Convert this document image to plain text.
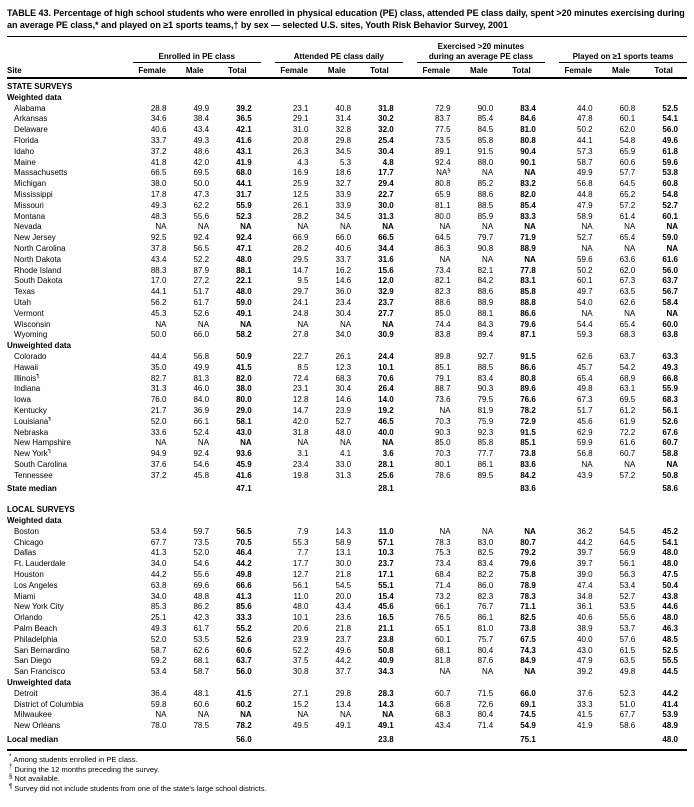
TABLE 43. Percentage of high school students who were enrolled in physical education (PE) class, attended PE class daily, spent >20 minutes exercising during an average PE class,* and played on ≥1 sports teams,† by sex — selected U.S. sites, Youth Risk Behavior Survey, 2001

	Enrolled in PE class				Attended PE class daily				Exercised >20 minutes
during an average PE class				Played on ≥1 sports teams		

Site	Female	Male	Total		Female	Male	Total		Female	Male	Total		Female	Male	Total
STATE SURVEYS															
Weighted data															
Alabama	28.8	49.9	39.2		23.1	40.8	31.8		72.9	90.0	83.4		44.0	60.8	52.5
Arkansas	34.6	38.4	36.5		29.1	31.4	30.2		83.7	85.4	84.6		47.8	60.1	54.1
Delaware	40.6	43.4	42.1		31.0	32.8	32.0		77.5	84.5	81.0		50.2	62.0	56.0
Florida	33.7	49.3	41.6		20.8	29.8	25.4		73.5	85.8	80.8		44.1	54.8	49.6
Idaho	37.2	48.6	43.1		26.3	34.5	30.4		89.1	91.5	90.4		57.3	65.9	61.8
Maine	41.8	42.0	41.9		4.3	5.3	4.8		92.4	88.0	90.1		58.7	60.6	59.6
Massachusetts	66.5	69.5	68.0		16.9	18.6	17.7		NA§	NA	NA		49.9	57.7	53.8
Michigan	38.0	50.0	44.1		25.9	32.7	29.4		80.8	85.2	83.2		56.8	64.5	60.8
Mississippi	17.8	47.3	31.7		12.5	33.9	22.7		65.9	88.6	82.0		44.8	65.2	54.8
Missouri	49.3	62.2	55.9		26.1	33.9	30.0		81.1	88.5	85.4		47.9	57.2	52.7
Montana	48.3	55.6	52.3		28.2	34.5	31.3		80.0	85.9	83.3		58.9	61.4	60.1
Nevada	NA	NA	NA		NA	NA	NA		NA	NA	NA		NA	NA	NA
New Jersey	92.5	92.4	92.4		66.9	66.0	66.5		64.5	79.7	71.9		52.7	65.4	59.0
North Carolina	37.8	56.5	47.1		28.2	40.6	34.4		86.3	90.8	88.9		NA	NA	NA
North Dakota	43.4	52.2	48.0		29.5	33.7	31.6		NA	NA	NA		59.6	63.6	61.6
Rhode Island	88.3	87.9	88.1		14.7	16.2	15.6		73.4	82.1	77.8		50.2	62.0	56.0
South Dakota	17.0	27.2	22.1		9.5	14.6	12.0		82.1	84.2	83.1		60.1	67.3	63.7
Texas	44.1	51.7	48.0		29.7	36.0	32.9		82.3	88.6	85.8		49.7	63.5	56.7
Utah	56.2	61.7	59.0		24.1	23.4	23.7		88.6	88.9	88.8		54.0	62.6	58.4
Vermont	45.3	52.6	49.1		24.8	30.4	27.7		85.0	88.1	86.6		NA	NA	NA
Wisconsin	NA	NA	NA		NA	NA	NA		74.4	84.3	79.6		54.4	65.4	60.0
Wyoming	50.0	66.0	58.2		27.8	34.0	30.9		83.8	89.4	87.1		59.3	68.3	63.8
Unweighted data															
Colorado	44.4	56.8	50.9		22.7	26.1	24.4		89.8	92.7	91.5		62.6	63.7	63.3
Hawaii	35.0	49.9	41.5		8.5	12.3	10.1		85.1	88.5	86.6		45.7	54.2	49.3
Illinois¶	82.7	81.3	82.0		72.4	68.3	70.6		79.1	83.4	80.8		65.4	68.9	66.8
Indiana	31.3	46.0	38.0		23.1	30.4	26.4		88.7	90.3	89.6		49.8	63.1	55.9
Iowa	76.0	84.0	80.0		12.8	14.6	14.0		73.6	79.5	76.6		67.3	69.5	68.3
Kentucky	21.7	36.9	29.0		14.7	23.9	19.2		NA	81.9	78.2		51.7	61.2	56.1
Louisiana¶	52.0	66.1	58.1		42.0	52.7	46.5		70.3	75.9	72.9		45.6	61.9	52.6
Nebraska	33.6	52.4	43.0		31.8	48.0	40.0		90.3	92.3	91.5		62.9	72.2	67.6
New Hampshire	NA	NA	NA		NA	NA	NA		85.0	85.8	85.1		59.9	61.6	60.7
New York¶	94.9	92.4	93.6		3.1	4.1	3.6		70.3	77.7	73.8		56.8	60.7	58.8
South Carolina	37.6	54.6	45.9		23.4	33.0	28.1		80.1	86.1	83.6		NA	NA	NA
Tennessee	37.2	45.8	41.6		19.8	31.3	25.6		78.6	89.5	84.2		43.9	57.2	50.8
State median			47.1				28.1				83.6				58.6
LOCAL SURVEYS															
Weighted data															
Boston	53.4	59.7	56.5		7.9	14.3	11.0		NA	NA	NA		36.2	54.5	45.2
Chicago	67.7	73.5	70.5		55.3	58.9	57.1		78.3	83.0	80.7		44.2	64.5	54.1
Dallas	41.3	52.0	46.4		7.7	13.1	10.3		75.3	82.5	79.2		39.7	56.9	48.0
Ft. Lauderdale	34.0	54.6	44.2		17.7	30.0	23.7		73.4	83.4	79.6		39.7	56.1	48.0
Houston	44.2	55.6	49.8		12.7	21.8	17.1		68.4	82.2	75.8		39.0	56.3	47.5
Los Angeles	63.8	69.6	66.6		56.1	54.5	55.1		71.4	86.0	78.9		47.4	53.4	50.4
Miami	34.0	48.8	41.3		11.0	20.0	15.4		73.2	82.3	78.3		34.8	52.7	43.8
New York City	85.3	86.2	85.6		48.0	43.4	45.6		66.1	76.7	71.1		36.1	53.5	44.6
Orlando	25.1	42.3	33.3		10.1	23.6	16.5		76.5	86.1	82.5		40.6	55.6	48.0
Palm Beach	49.3	61.7	55.2		20.6	21.8	21.1		65.1	81.0	73.8		38.9	53.7	46.3
Philadelphia	52.0	53.5	52.6		23.9	23.7	23.8		60.1	75.7	67.5		40.0	57.6	48.5
San Bernardino	58.7	62.6	60.6		52.2	49.6	50.8		68.1	80.4	74.3		43.0	61.5	52.5
San Diego	59.2	68.1	63.7		37.5	44.2	40.9		81.8	87.6	84.9		47.9	63.5	55.5
San Francisco	53.4	58.7	56.0		30.8	37.7	34.3		NA	NA	NA		39.2	49.8	44.5
Unweighted data															
Detroit	36.4	48.1	41.5		27.1	29.8	28.3		60.7	71.5	66.0		37.6	52.3	44.2
District of Columbia	59.8	60.6	60.2		15.2	13.4	14.3		66.8	72.6	69.1		33.3	51.0	41.4
Milwaukee	NA	NA	NA		NA	NA	NA		68.3	80.4	74.5		41.5	67.7	53.9
New Orleans	78.0	78.5	78.2		49.5	49.1	49.1		43.4	71.4	54.9		41.9	58.6	48.9
Local median			56.0				23.8				75.1				48.0
* Among students enrolled in PE class.
† During the 12 months preceding the survey.
§ Not available.
¶ Survey did not include students from one of the state's large school districts.
